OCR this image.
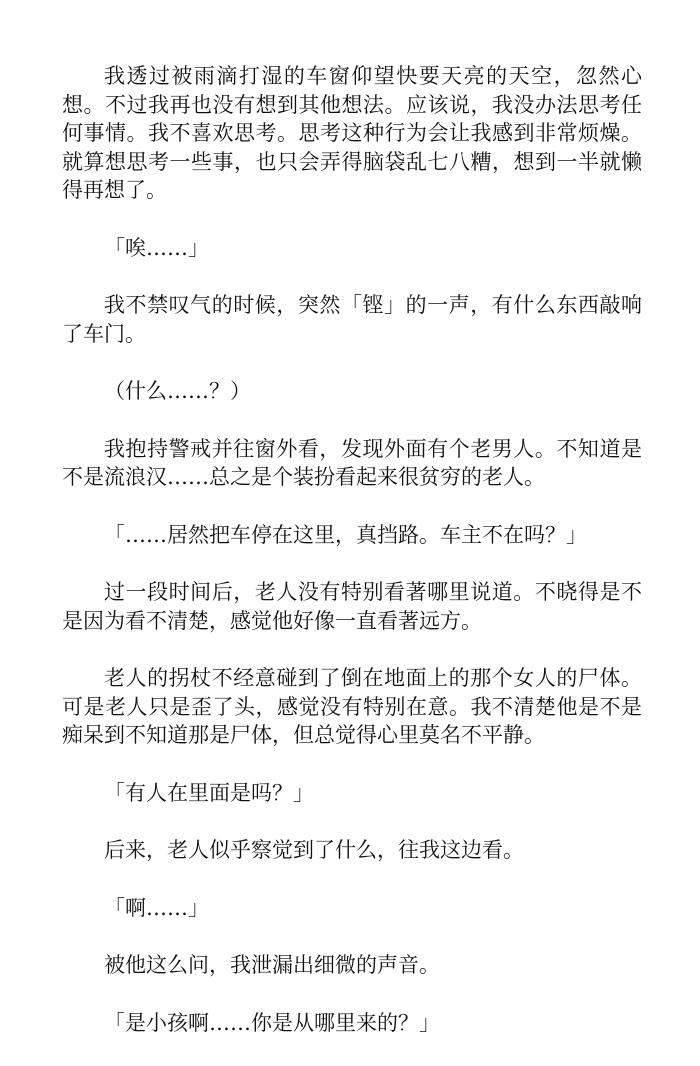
我透过被雨滴打湿的车窗仰望快要天亮的天空，忽然心想。不过我再也没有想到其他想法。应该说，我没办法思考任何事情。我不喜欢思考。思考这种行为会让我感到非常烦燥。就算想思考一些事，也只会弄得脑袋乱七八糟，想到一半就懒得再想了。

「唉……」

我不禁叹气的时候，突然「铿」的一声，有什么东西敲响了车门。

（什么……？）

我抱持警戒并往窗外看，发现外面有个老男人。不知道是不是流浪汉……总之是个装扮看起来很贫穷的老人。

「……居然把车停在这里，真挡路。车主不在吗？」

过一段时间后，老人没有特别看著哪里说道。不晓得是不是因为看不清楚，感觉他好像一直看著远方。

老人的拐杖不经意碰到了倒在地面上的那个女人的尸体。可是老人只是歪了头，感觉没有特别在意。我不清楚他是不是痴呆到不知道那是尸体，但总觉得心里莫名不平静。

「有人在里面是吗？」

后来，老人似乎察觉到了什么，往我这边看。

「啊……」

被他这么问，我泄漏出细微的声音。

「是小孩啊……你是从哪里来的？」
